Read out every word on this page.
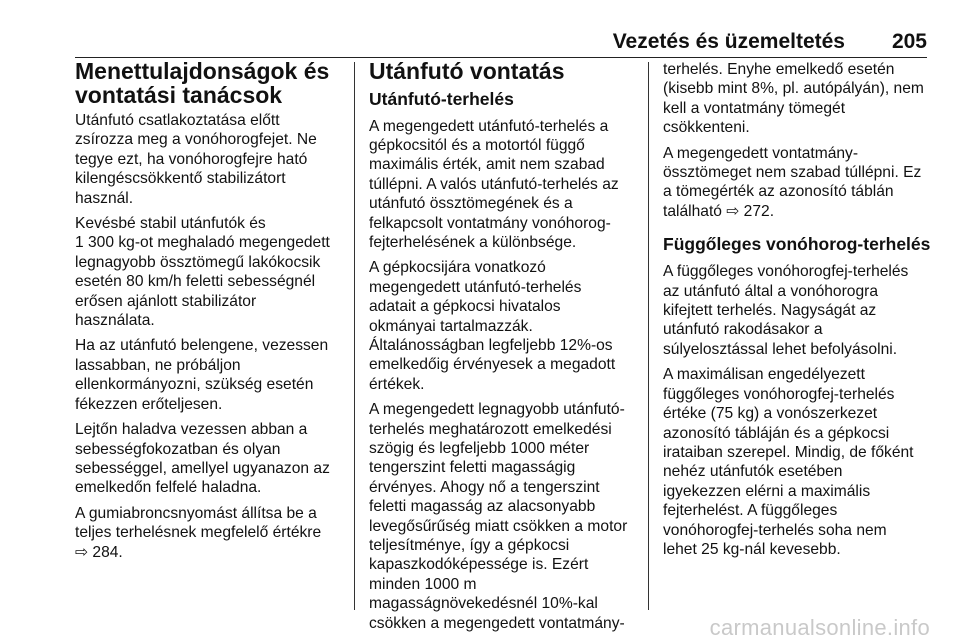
Vezetés és üzemeltetés 205
Menettulajdonságok és
vontatási tanácsok
Utánfutó csatlakoztatása előtt
zsírozza meg a vonóhorogfejet. Ne
tegye ezt, ha vonóhorogfejre ható
kilengéscsökkentő stabilizátort
használ.
Kevésbé stabil utánfutók és
1 300 kg-ot meghaladó megengedett
legnagyobb össztömegű lakókocsik
esetén 80 km/h feletti sebességnél
erősen ajánlott stabilizátor
használata.
Ha az utánfutó belengene, vezessen
lassabban, ne próbáljon
ellenkormányozni, szükség esetén
fékezzen erőteljesen.
Lejtőn haladva vezessen abban a
sebességfokozatban és olyan
sebességgel, amellyel ugyanazon az
emelkedőn felfelé haladna.
A gumiabroncsnyomást állítsa be a
teljes terhelésnek megfelelő értékre
⇨ 284.
Utánfutó vontatás
Utánfutó-terhelés
A megengedett utánfutó-terhelés a
gépkocsitól és a motortól függő
maximális érték, amit nem szabad
túllépni. A valós utánfutó-terhelés az
utánfutó össztömegének és a
felkapcsolt vontatmány vonóhorog-
fejterhelésének a különbsége.
A gépkocsijára vonatkozó
megengedett utánfutó-terhelés
adatait a gépkocsi hivatalos
okmányai tartalmazzák.
Általánosságban legfeljebb 12%-os
emelkedőig érvényesek a megadott
értékek.
A megengedett legnagyobb utánfutó-
terhelés meghatározott emelkedési
szögig és legfeljebb 1000 méter
tengerszint feletti magasságig
érvényes. Ahogy nő a tengerszint
feletti magasság az alacsonyabb
levegősűrűség miatt csökken a motor
teljesítménye, így a gépkocsi
kapaszkodóképessége is. Ezért
minden 1000 m
magasságnövekedésnél 10%-kal
csökken a megengedett vontatmány-
terhelés. Enyhe emelkedő esetén
(kisebb mint 8%, pl. autópályán), nem
kell a vontatmány tömegét
csökkenteni.
A megengedett vontatmány-
össztömeget nem szabad túllépni. Ez
a tömegérték az azonosító táblán
található ⇨ 272.
Függőleges vonóhorog-terhelés
A függőleges vonóhorogfej-terhelés
az utánfutó által a vonóhorogra
kifejtett terhelés. Nagyságát az
utánfutó rakodásakor a
súlyelosztással lehet befolyásolni.
A maximálisan engedélyezett
függőleges vonóhorogfej-terhelés
értéke (75 kg) a vonószerkezet
azonosító tábláján és a gépkocsi
irataiban szerepel. Mindig, de főként
nehéz utánfutók esetében
igyekezzen elérni a maximális
fejterhelést. A függőleges
vonóhorogfej-terhelés soha nem
lehet 25 kg-nál kevesebb.
carmanualsonline.info
